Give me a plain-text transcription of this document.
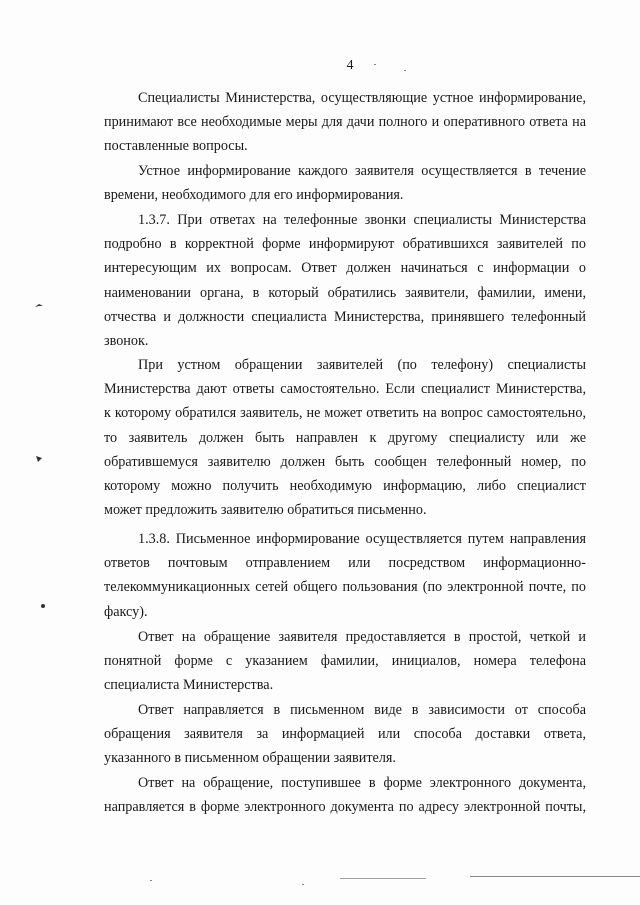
4

Специалисты Министерства, осуществляющие устное информирование,
принимают все необходимые меры для дачи полного и оперативного ответа на
поставленные вопросы.

Устное информирование каждого заявителя осуществляется в течение
времени, необходимого для его информирования.

1.3.7. При ответах на телефонные звонки специалисты Министерства
подробно в корректной форме информируют обратившихся заявителей по
интересующим их вопросам. Ответ должен начинаться с информации о
наименовании органа, в который обратились заявители, фамилии, имени,
отчества и должности специалиста Министерства, принявшего телефонный
звонок.

При устном обращении заявителей (по телефону) специалисты
Министерства дают ответы самостоятельно. Если специалист Министерства,
к которому обратился заявитель, не может ответить на вопрос самостоятельно,
то заявитель должен быть направлен к другому специалисту или же
обратившемуся заявителю должен быть сообщен телефонный номер, по
которому можно получить необходимую информацию, либо специалист
может предложить заявителю обратиться письменно.

1.3.8. Письменное информирование осуществляется путем направления
ответов почтовым отправлением или посредством информационно-
телекоммуникационных сетей общего пользования (по электронной почте, по
факсу).

Ответ на обращение заявителя предоставляется в простой, четкой и
понятной форме с указанием фамилии, инициалов, номера телефона
специалиста Министерства.

Ответ направляется в письменном виде в зависимости от способа
обращения заявителя за информацией или способа доставки ответа,
указанного в письменном обращении заявителя.

Ответ на обращение, поступившее в форме электронного документа,
направляется в форме электронного документа по адресу электронной почты,
